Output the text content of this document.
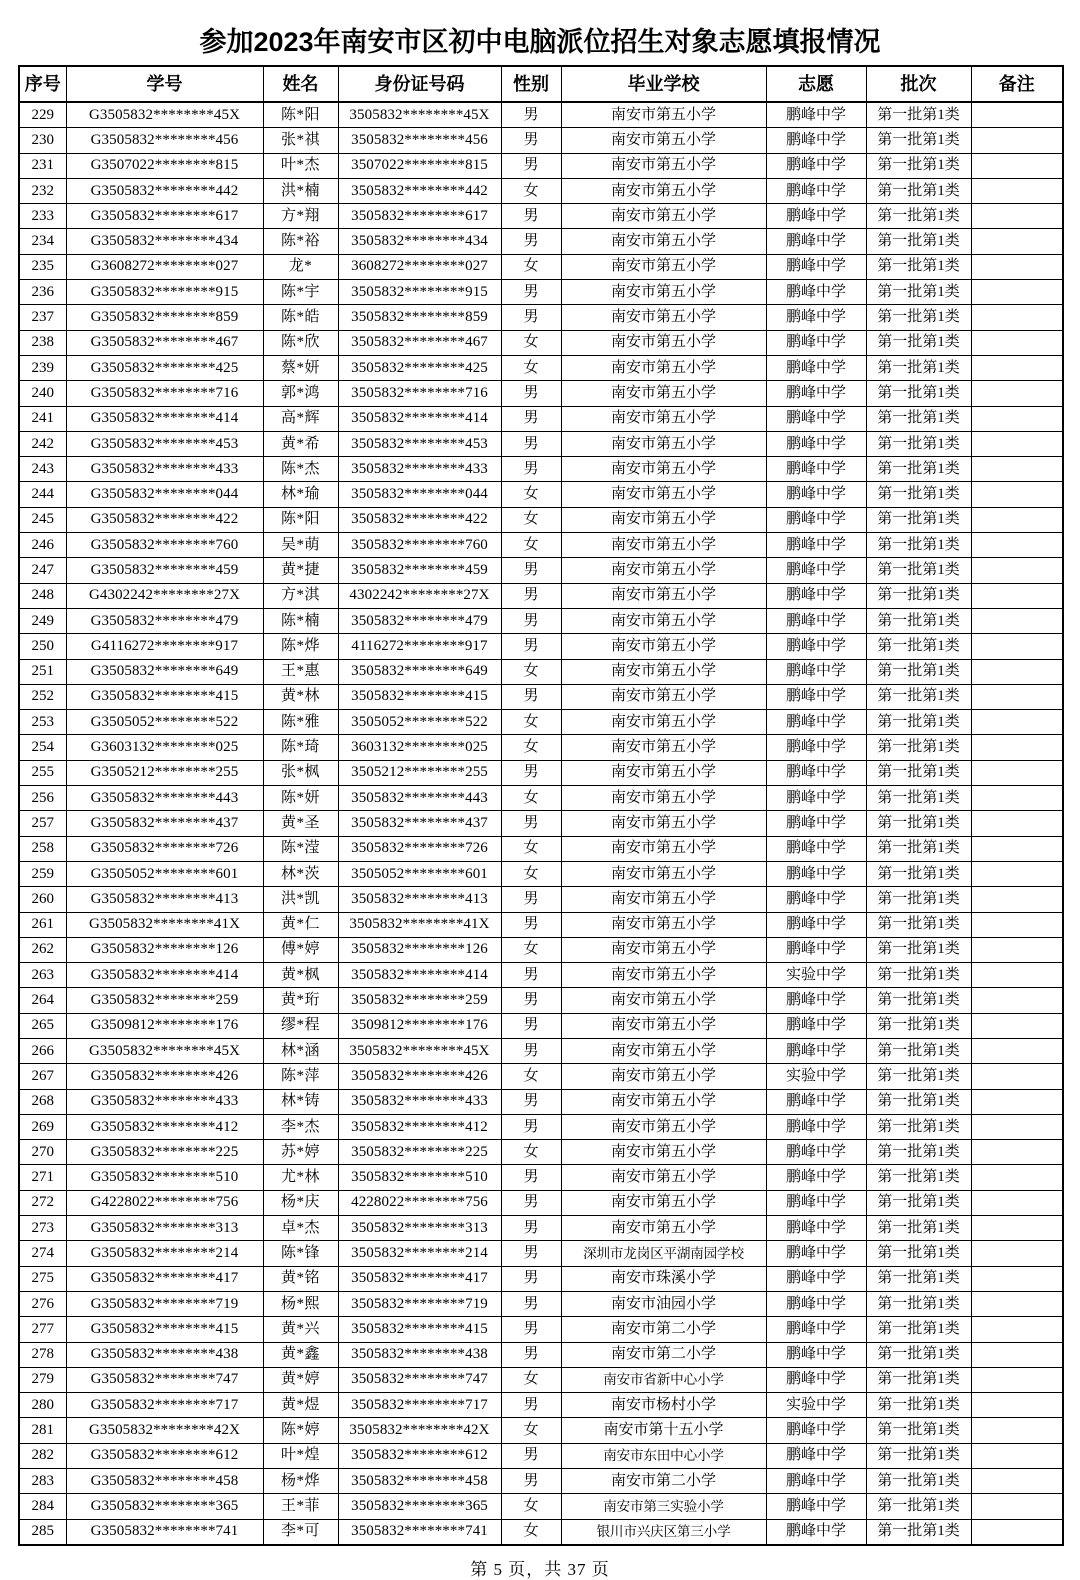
参加2023年南安市区初中电脑派位招生对象志愿填报情况
序号	学号	姓名	身份证号码	性别	毕业学校	志愿	批次	备注
229	G3505832********45X	陈*阳	3505832********45X	男	南安市第五小学	鹏峰中学	第一批第1类	
230	G3505832********456	张*祺	3505832********456	男	南安市第五小学	鹏峰中学	第一批第1类	
231	G3507022********815	叶*杰	3507022********815	男	南安市第五小学	鹏峰中学	第一批第1类	
232	G3505832********442	洪*楠	3505832********442	女	南安市第五小学	鹏峰中学	第一批第1类	
233	G3505832********617	方*翔	3505832********617	男	南安市第五小学	鹏峰中学	第一批第1类	
234	G3505832********434	陈*裕	3505832********434	男	南安市第五小学	鹏峰中学	第一批第1类	
235	G3608272********027	龙*	3608272********027	女	南安市第五小学	鹏峰中学	第一批第1类	
236	G3505832********915	陈*宇	3505832********915	男	南安市第五小学	鹏峰中学	第一批第1类	
237	G3505832********859	陈*皓	3505832********859	男	南安市第五小学	鹏峰中学	第一批第1类	
238	G3505832********467	陈*欣	3505832********467	女	南安市第五小学	鹏峰中学	第一批第1类	
239	G3505832********425	蔡*妍	3505832********425	女	南安市第五小学	鹏峰中学	第一批第1类	
240	G3505832********716	郭*鸿	3505832********716	男	南安市第五小学	鹏峰中学	第一批第1类	
241	G3505832********414	高*辉	3505832********414	男	南安市第五小学	鹏峰中学	第一批第1类	
242	G3505832********453	黄*希	3505832********453	男	南安市第五小学	鹏峰中学	第一批第1类	
243	G3505832********433	陈*杰	3505832********433	男	南安市第五小学	鹏峰中学	第一批第1类	
244	G3505832********044	林*瑜	3505832********044	女	南安市第五小学	鹏峰中学	第一批第1类	
245	G3505832********422	陈*阳	3505832********422	女	南安市第五小学	鹏峰中学	第一批第1类	
246	G3505832********760	吴*萌	3505832********760	女	南安市第五小学	鹏峰中学	第一批第1类	
247	G3505832********459	黄*捷	3505832********459	男	南安市第五小学	鹏峰中学	第一批第1类	
248	G4302242********27X	方*淇	4302242********27X	男	南安市第五小学	鹏峰中学	第一批第1类	
249	G3505832********479	陈*楠	3505832********479	男	南安市第五小学	鹏峰中学	第一批第1类	
250	G4116272********917	陈*烨	4116272********917	男	南安市第五小学	鹏峰中学	第一批第1类	
251	G3505832********649	王*惠	3505832********649	女	南安市第五小学	鹏峰中学	第一批第1类	
252	G3505832********415	黄*林	3505832********415	男	南安市第五小学	鹏峰中学	第一批第1类	
253	G3505052********522	陈*雅	3505052********522	女	南安市第五小学	鹏峰中学	第一批第1类	
254	G3603132********025	陈*琦	3603132********025	女	南安市第五小学	鹏峰中学	第一批第1类	
255	G3505212********255	张*枫	3505212********255	男	南安市第五小学	鹏峰中学	第一批第1类	
256	G3505832********443	陈*妍	3505832********443	女	南安市第五小学	鹏峰中学	第一批第1类	
257	G3505832********437	黄*圣	3505832********437	男	南安市第五小学	鹏峰中学	第一批第1类	
258	G3505832********726	陈*滢	3505832********726	女	南安市第五小学	鹏峰中学	第一批第1类	
259	G3505052********601	林*茨	3505052********601	女	南安市第五小学	鹏峰中学	第一批第1类	
260	G3505832********413	洪*凯	3505832********413	男	南安市第五小学	鹏峰中学	第一批第1类	
261	G3505832********41X	黄*仁	3505832********41X	男	南安市第五小学	鹏峰中学	第一批第1类	
262	G3505832********126	傅*婷	3505832********126	女	南安市第五小学	鹏峰中学	第一批第1类	
263	G3505832********414	黄*枫	3505832********414	男	南安市第五小学	实验中学	第一批第1类	
264	G3505832********259	黄*珩	3505832********259	男	南安市第五小学	鹏峰中学	第一批第1类	
265	G3509812********176	缪*程	3509812********176	男	南安市第五小学	鹏峰中学	第一批第1类	
266	G3505832********45X	林*涵	3505832********45X	男	南安市第五小学	鹏峰中学	第一批第1类	
267	G3505832********426	陈*萍	3505832********426	女	南安市第五小学	实验中学	第一批第1类	
268	G3505832********433	林*铸	3505832********433	男	南安市第五小学	鹏峰中学	第一批第1类	
269	G3505832********412	李*杰	3505832********412	男	南安市第五小学	鹏峰中学	第一批第1类	
270	G3505832********225	苏*婷	3505832********225	女	南安市第五小学	鹏峰中学	第一批第1类	
271	G3505832********510	尤*林	3505832********510	男	南安市第五小学	鹏峰中学	第一批第1类	
272	G4228022********756	杨*庆	4228022********756	男	南安市第五小学	鹏峰中学	第一批第1类	
273	G3505832********313	卓*杰	3505832********313	男	南安市第五小学	鹏峰中学	第一批第1类	
274	G3505832********214	陈*锋	3505832********214	男	深圳市龙岗区平湖南园学校	鹏峰中学	第一批第1类	
275	G3505832********417	黄*铭	3505832********417	男	南安市珠溪小学	鹏峰中学	第一批第1类	
276	G3505832********719	杨*熙	3505832********719	男	南安市油园小学	鹏峰中学	第一批第1类	
277	G3505832********415	黄*兴	3505832********415	男	南安市第二小学	鹏峰中学	第一批第1类	
278	G3505832********438	黄*鑫	3505832********438	男	南安市第二小学	鹏峰中学	第一批第1类	
279	G3505832********747	黄*婷	3505832********747	女	南安市省新中心小学	鹏峰中学	第一批第1类	
280	G3505832********717	黄*煜	3505832********717	男	南安市杨村小学	实验中学	第一批第1类	
281	G3505832********42X	陈*婷	3505832********42X	女	南安市第十五小学	鹏峰中学	第一批第1类	
282	G3505832********612	叶*煌	3505832********612	男	南安市东田中心小学	鹏峰中学	第一批第1类	
283	G3505832********458	杨*烨	3505832********458	男	南安市第二小学	鹏峰中学	第一批第1类	
284	G3505832********365	王*菲	3505832********365	女	南安市第三实验小学	鹏峰中学	第一批第1类	
285	G3505832********741	李*可	3505832********741	女	银川市兴庆区第三小学	鹏峰中学	第一批第1类	
第 5 页，共 37 页
